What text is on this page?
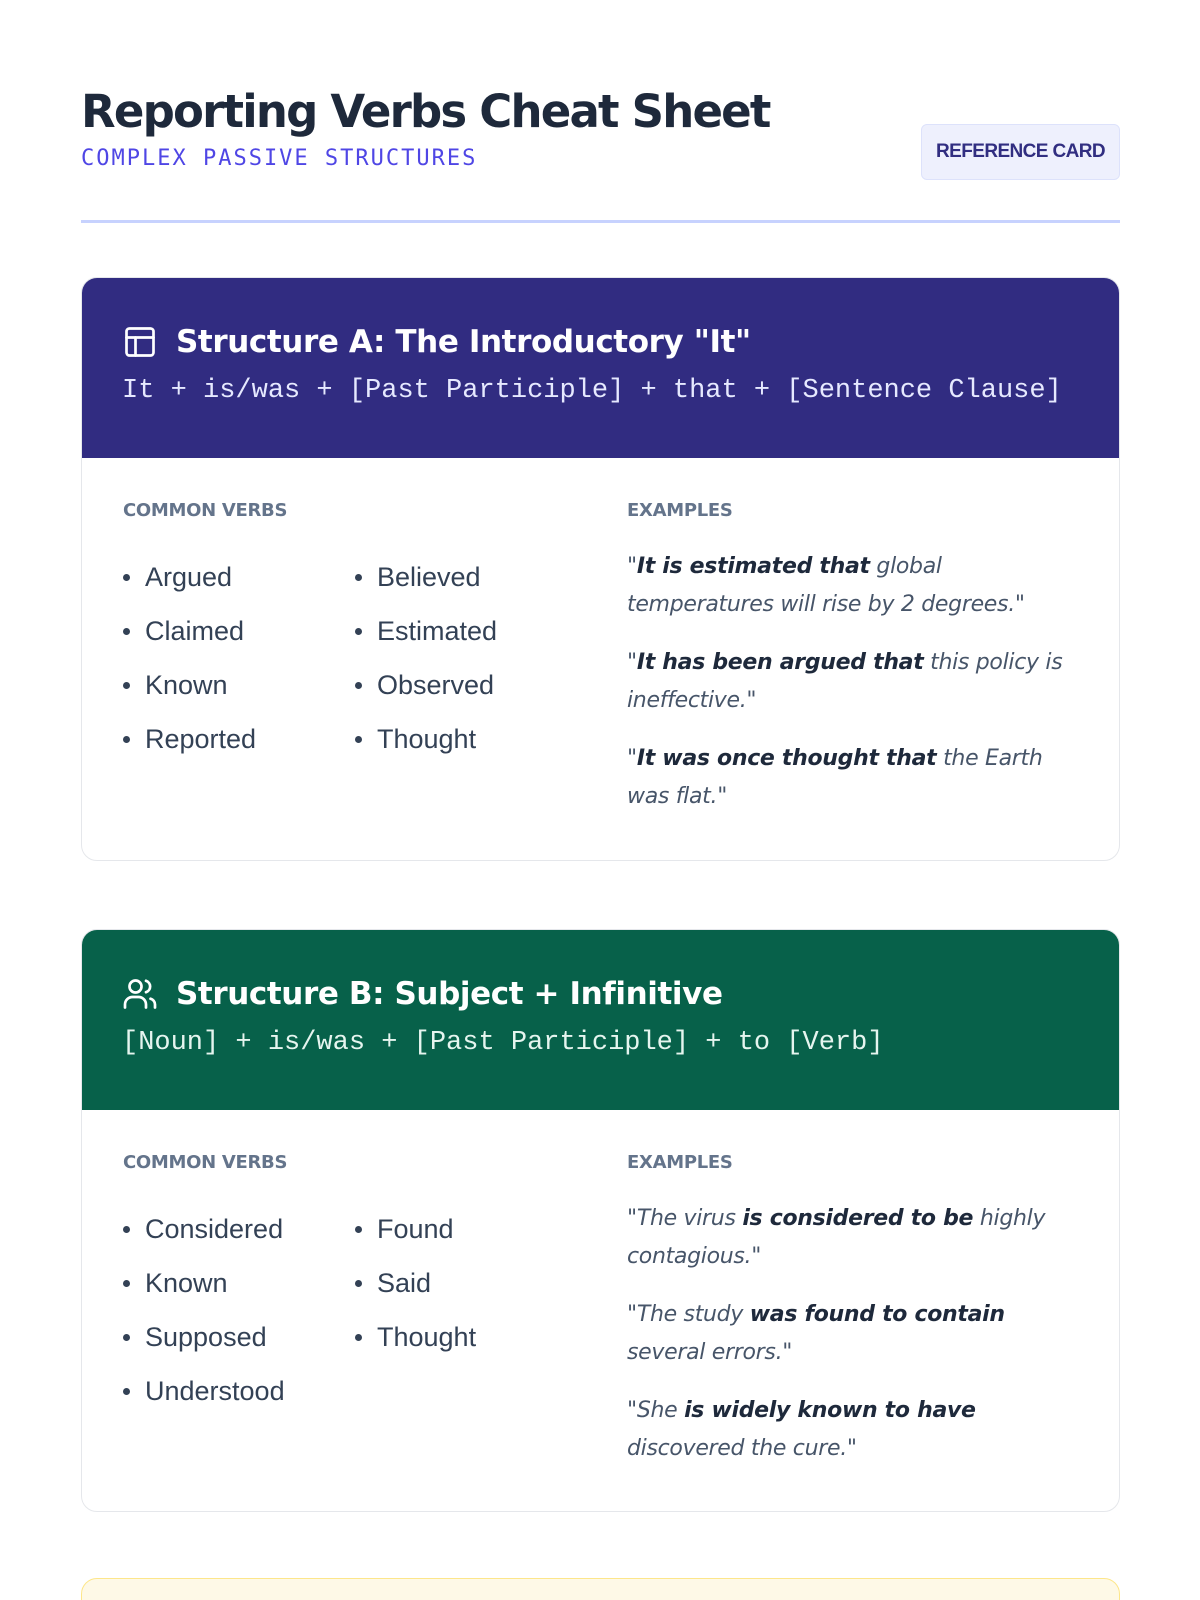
Reporting Verbs Cheat Sheet
COMPLEX PASSIVE STRUCTURES	REFERENCE CARD
Structure A: The Introductory "It"
It + is/was + [Past Participle] + that + [Sentence Clause]
COMMON VERBS
Argued
Claimed
Known
Reported
Believed
Estimated
Observed
Thought
EXAMPLES

"It is estimated that global temperatures will rise by 2 degrees."

"It has been argued that this policy is ineffective."

"It was once thought that the Earth was flat."

Structure B: Subject + Infinitive
[Noun] + is/was + [Past Participle] + to [Verb]
COMMON VERBS
Considered
Known
Supposed
Understood
Found
Said
Thought
EXAMPLES

"The virus is considered to be highly contagious."

"The study was found to contain several errors."

"She is widely known to have discovered the cure."
